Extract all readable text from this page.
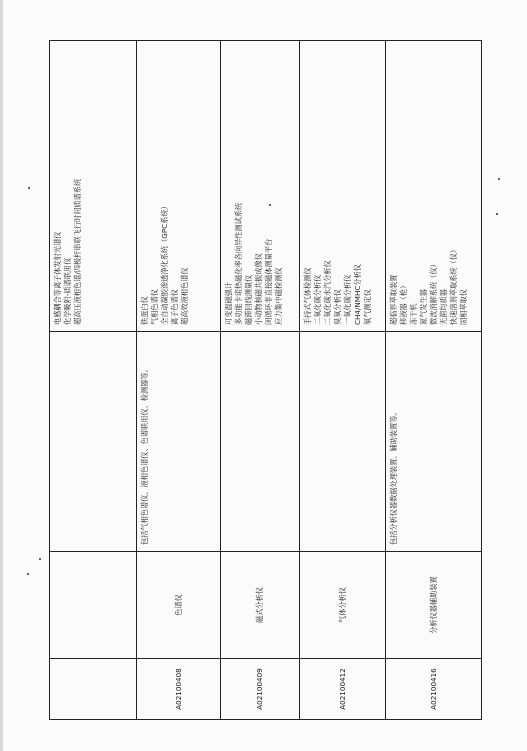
电感耦合等离子体发射光谱仪 化学吸附-质谱联用仪 超高压液相色谱/四极杆串联飞行时间质谱系统
A02100408
色谱仪
包括气相色谱仪、液相色谱仪、色谱联用仪、检测器等。
铁蛋白仪 气相色谱仪 全自动凝胶渗透净化系统（GPC系统） 离子色谱仪 超高效液相色谱仪
A02100409
磁式分析仪
可变温磁强计 多功能卡诺热磁化率各向异性测试系统 磁滞回线测量仪 小动物核磁共振成像仪 闭循环非直接磁体测量平台 应力集中磁检测仪
A02100412
气体分析仪
手持式气体检测仪 二氧化碳分析仪 二氧化碳水汽分析仪 臭氧分析仪 一氧化碳分析仪 CH4/NMHC分析仪 氡气测定仪
A02100416
分析仪器辅助装置
包括分析仪器数据处理装置、辅助装置等。
超临界萃取装置 移液器（枪） 冻干机 氮气发生器 微波消解系统（仪） 无菌均质器 快速溶剂萃取系统（仪） 固相萃取仪
